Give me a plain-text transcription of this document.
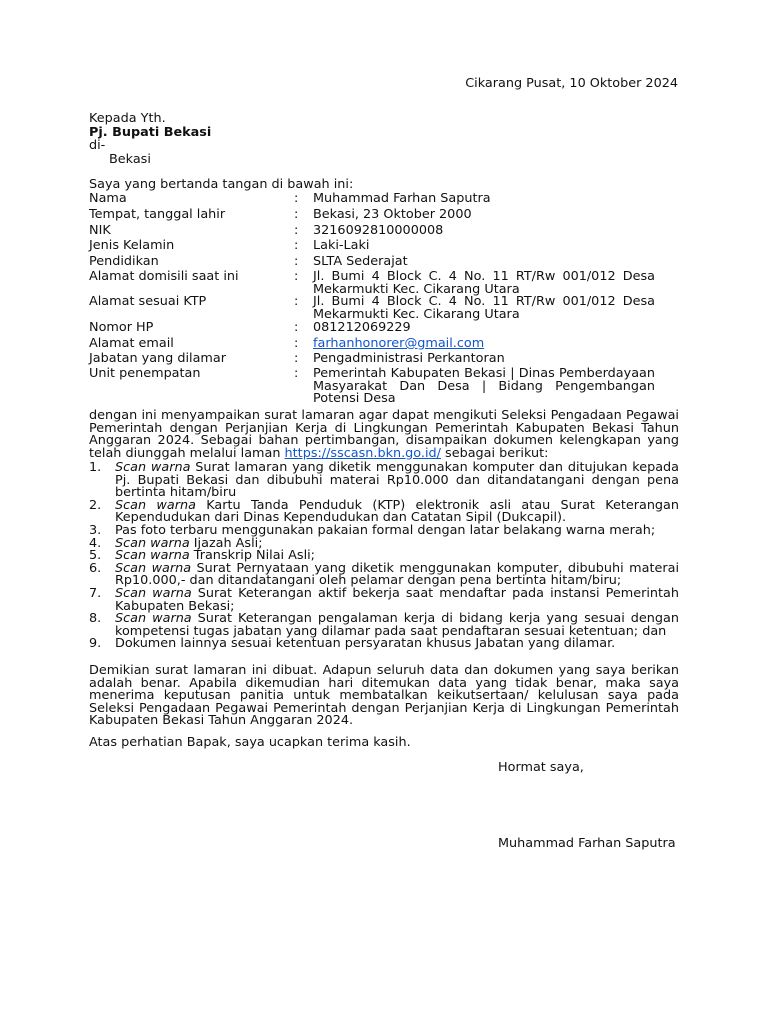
Cikarang Pusat, 10 Oktober 2024
Kepada Yth.
Pj. Bupati Bekasi
di-
Bekasi
Saya yang bertanda tangan di bawah ini:
Nama	: Muhammad Farhan Saputra
Tempat, tanggal lahir	: Bekasi, 23 Oktober 2000
NIK	: 3216092810000008
Jenis Kelamin	: Laki-Laki
Pendidikan	: SLTA Sederajat
Alamat domisili saat ini	: Jl. Bumi 4 Block C. 4 No. 11 RT/Rw 001/012 Desa Mekarmukti Kec. Cikarang Utara
Alamat sesuai KTP	: Jl. Bumi 4 Block C. 4 No. 11 RT/Rw 001/012 Desa Mekarmukti Kec. Cikarang Utara
Nomor HP	: 081212069229
Alamat email	: farhanhonorer@gmail.com
Jabatan yang dilamar	: Pengadministrasi Perkantoran
Unit penempatan	: Pemerintah Kabupaten Bekasi | Dinas Pemberdayaan Masyarakat Dan Desa | Bidang Pengembangan Potensi Desa
dengan ini menyampaikan surat lamaran agar dapat mengikuti Seleksi Pengadaan Pegawai Pemerintah dengan Perjanjian Kerja di Lingkungan Pemerintah Kabupaten Bekasi Tahun Anggaran 2024. Sebagai bahan pertimbangan, disampaikan dokumen kelengkapan yang telah diunggah melalui laman https://sscasn.bkn.go.id/ sebagai berikut:
1. Scan warna Surat lamaran yang diketik menggunakan komputer dan ditujukan kepada Pj. Bupati Bekasi dan dibubuhi materai Rp10.000 dan ditandatangani dengan pena bertinta hitam/biru
2. Scan warna Kartu Tanda Penduduk (KTP) elektronik asli atau Surat Keterangan Kependudukan dari Dinas Kependudukan dan Catatan Sipil (Dukcapil).
3. Pas foto terbaru menggunakan pakaian formal dengan latar belakang warna merah;
4. Scan warna Ijazah Asli;
5. Scan warna Transkrip Nilai Asli;
6. Scan warna Surat Pernyataan yang diketik menggunakan komputer, dibubuhi materai Rp10.000,- dan ditandatangani oleh pelamar dengan pena bertinta hitam/biru;
7. Scan warna Surat Keterangan aktif bekerja saat mendaftar pada instansi Pemerintah Kabupaten Bekasi;
8. Scan warna Surat Keterangan pengalaman kerja di bidang kerja yang sesuai dengan kompetensi tugas jabatan yang dilamar pada saat pendaftaran sesuai ketentuan; dan
9. Dokumen lainnya sesuai ketentuan persyaratan khusus Jabatan yang dilamar.
Demikian surat lamaran ini dibuat. Adapun seluruh data dan dokumen yang saya berikan adalah benar. Apabila dikemudian hari ditemukan data yang tidak benar, maka saya menerima keputusan panitia untuk membatalkan keikutsertaan/ kelulusan saya pada Seleksi Pengadaan Pegawai Pemerintah dengan Perjanjian Kerja di Lingkungan Pemerintah Kabupaten Bekasi Tahun Anggaran 2024.
Atas perhatian Bapak, saya ucapkan terima kasih.
Hormat saya,
Muhammad Farhan Saputra
